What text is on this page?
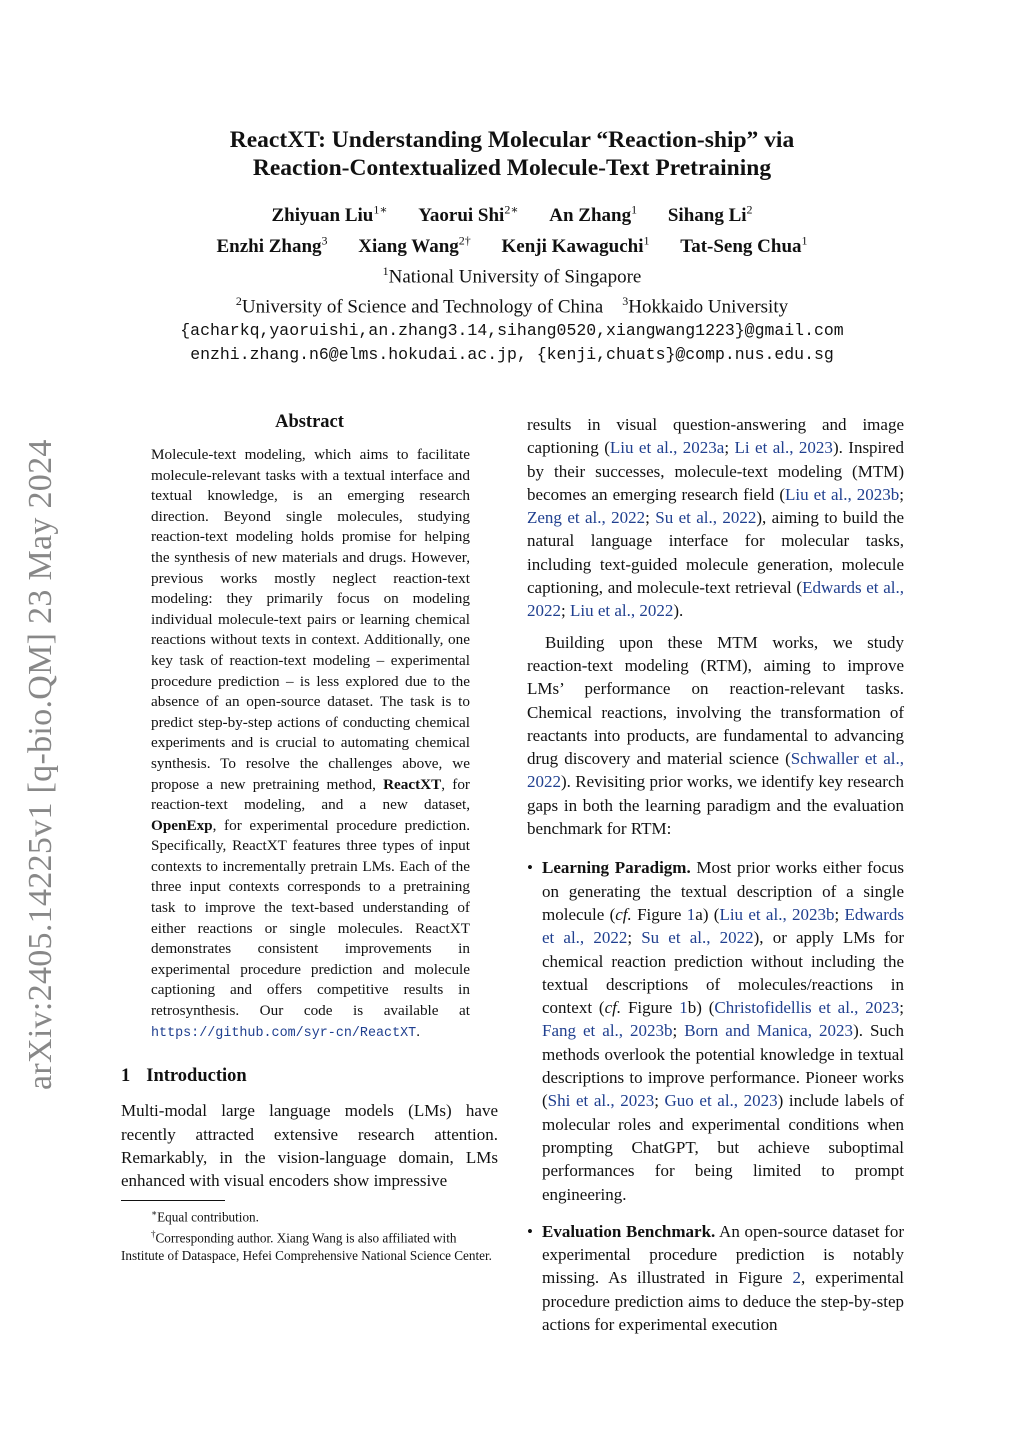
arXiv:2405.14225v1 [q-bio.QM] 23 May 2024
ReactXT: Understanding Molecular “Reaction-ship” via
Reaction-Contextualized Molecule-Text Pretraining
Zhiyuan Liu$^{1∗}$ Yaorui Shi$^{2∗}$ An Zhang$^1$ Sihang Li$^2$
Enzhi Zhang$^3$ Xiang Wang$^{2\dagger}$ Kenji Kawaguchi$^1$ Tat-Seng Chua$^1$
$^1$National University of Singapore
$^2$University of Science and Technology of China $^3$Hokkaido University
{acharkq,yaoruishi,an.zhang3.14,sihang0520,xiangwang1223}@gmail.com
enzhi.zhang.n6@elms.hokudai.ac.jp, {kenji,chuats}@comp.nus.edu.sg
Abstract

Molecule-text modeling, which aims to facilitate molecule-relevant tasks with a textual interface and textual knowledge, is an emerging research direction. Beyond single molecules, studying reaction-text modeling holds promise for helping the synthesis of new materials and drugs. However, previous works mostly neglect reaction-text modeling: they primarily focus on modeling individual molecule-text pairs or learning chemical reactions without texts in context. Additionally, one key task of reaction-text modeling – experimental procedure prediction – is less explored due to the absence of an open-source dataset. The task is to predict step-by-step actions of conducting chemical experiments and is crucial to automating chemical synthesis. To resolve the challenges above, we propose a new pretraining method, ReactXT, for reaction-text modeling, and a new dataset, OpenExp, for experimental procedure prediction. Specifically, ReactXT features three types of input contexts to incrementally pretrain LMs. Each of the three input contexts corresponds to a pretraining task to improve the text-based understanding of either reactions or single molecules. ReactXT demonstrates consistent improvements in experimental procedure prediction and molecule captioning and offers competitive results in retrosynthesis. Our code is available at https://github.com/syr-cn/ReactXT.

1 Introduction

Multi-modal large language models (LMs) have recently attracted extensive research attention. Remarkably, in the vision-language domain, LMs enhanced with visual encoders show impressive

∗Equal contribution.

†Corresponding author. Xiang Wang is also affiliated with Institute of Dataspace, Hefei Comprehensive National Science Center.

results in visual question-answering and image captioning (Liu et al., 2023a; Li et al., 2023). Inspired by their successes, molecule-text modeling (MTM) becomes an emerging research field (Liu et al., 2023b; Zeng et al., 2022; Su et al., 2022), aiming to build the natural language interface for molecular tasks, including text-guided molecule generation, molecule captioning, and molecule-text retrieval (Edwards et al., 2022; Liu et al., 2022).

Building upon these MTM works, we study reaction-text modeling (RTM), aiming to improve LMs’ performance on reaction-relevant tasks. Chemical reactions, involving the transformation of reactants into products, are fundamental to advancing drug discovery and material science (Schwaller et al., 2022). Revisiting prior works, we identify key research gaps in both the learning paradigm and the evaluation benchmark for RTM:

• Learning Paradigm. Most prior works either focus on generating the textual description of a single molecule (cf. Figure 1a) (Liu et al., 2023b; Edwards et al., 2022; Su et al., 2022), or apply LMs for chemical reaction prediction without including the textual descriptions of molecules/reactions in context (cf. Figure 1b) (Christofidellis et al., 2023; Fang et al., 2023b; Born and Manica, 2023). Such methods overlook the potential knowledge in textual descriptions to improve performance. Pioneer works (Shi et al., 2023; Guo et al., 2023) include labels of molecular roles and experimental conditions when prompting ChatGPT, but achieve suboptimal performances for being limited to prompt engineering.
• Evaluation Benchmark. An open-source dataset for experimental procedure prediction is notably missing. As illustrated in Figure 2, experimental procedure prediction aims to deduce the step-by-step actions for experimental execution
